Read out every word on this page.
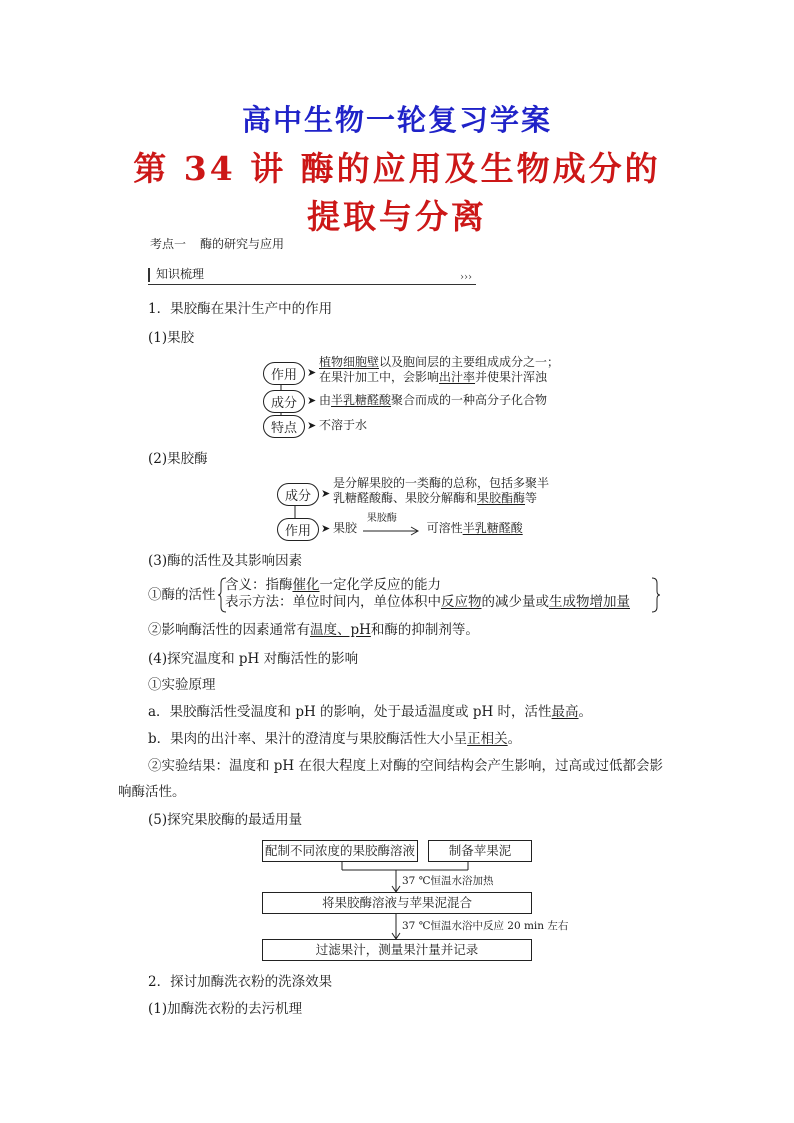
高中生物一轮复习学案
第 34 讲 酶的应用及生物成分的
提取与分离
考点一 酶的研究与应用
知识梳理	›››
1．果胶酶在果汁生产中的作用
(1)果胶
作用 ➤
植物细胞壁以及胞间层的主要组成成分之一；
在果汁加工中，会影响出汁率并使果汁浑浊
成分 ➤ 由半乳糖醛酸聚合而成的一种高分子化合物
特点 ➤ 不溶于水
(2)果胶酶
成分 ➤
是分解果胶的一类酶的总称，包括多聚半
乳糖醛酸酶、果胶分解酶和果胶酯酶等
作用 ➤ 果胶
果胶酶
可溶性半乳糖醛酸
(3)酶的活性及其影响因素
①酶的活性
含义：指酶催化一定化学反应的能力
表示方法：单位时间内，单位体积中反应物的减少量或生成物增加量
②影响酶活性的因素通常有温度、pH和酶的抑制剂等。
(4)探究温度和 pH 对酶活性的影响
①实验原理
a．果胶酶活性受温度和 pH 的影响，处于最适温度或 pH 时，活性最高。
b．果肉的出汁率、果汁的澄清度与果胶酶活性大小呈正相关。
②实验结果：温度和 pH 在很大程度上对酶的空间结构会产生影响，过高或过低都会影
响酶活性。
(5)探究果胶酶的最适用量
配制不同浓度的果胶酶溶液	制备苹果泥
37 ℃恒温水浴加热
将果胶酶溶液与苹果泥混合
37 ℃恒温水浴中反应 20 min 左右
过滤果汁，测量果汁量并记录
2．探讨加酶洗衣粉的洗涤效果
(1)加酶洗衣粉的去污机理
